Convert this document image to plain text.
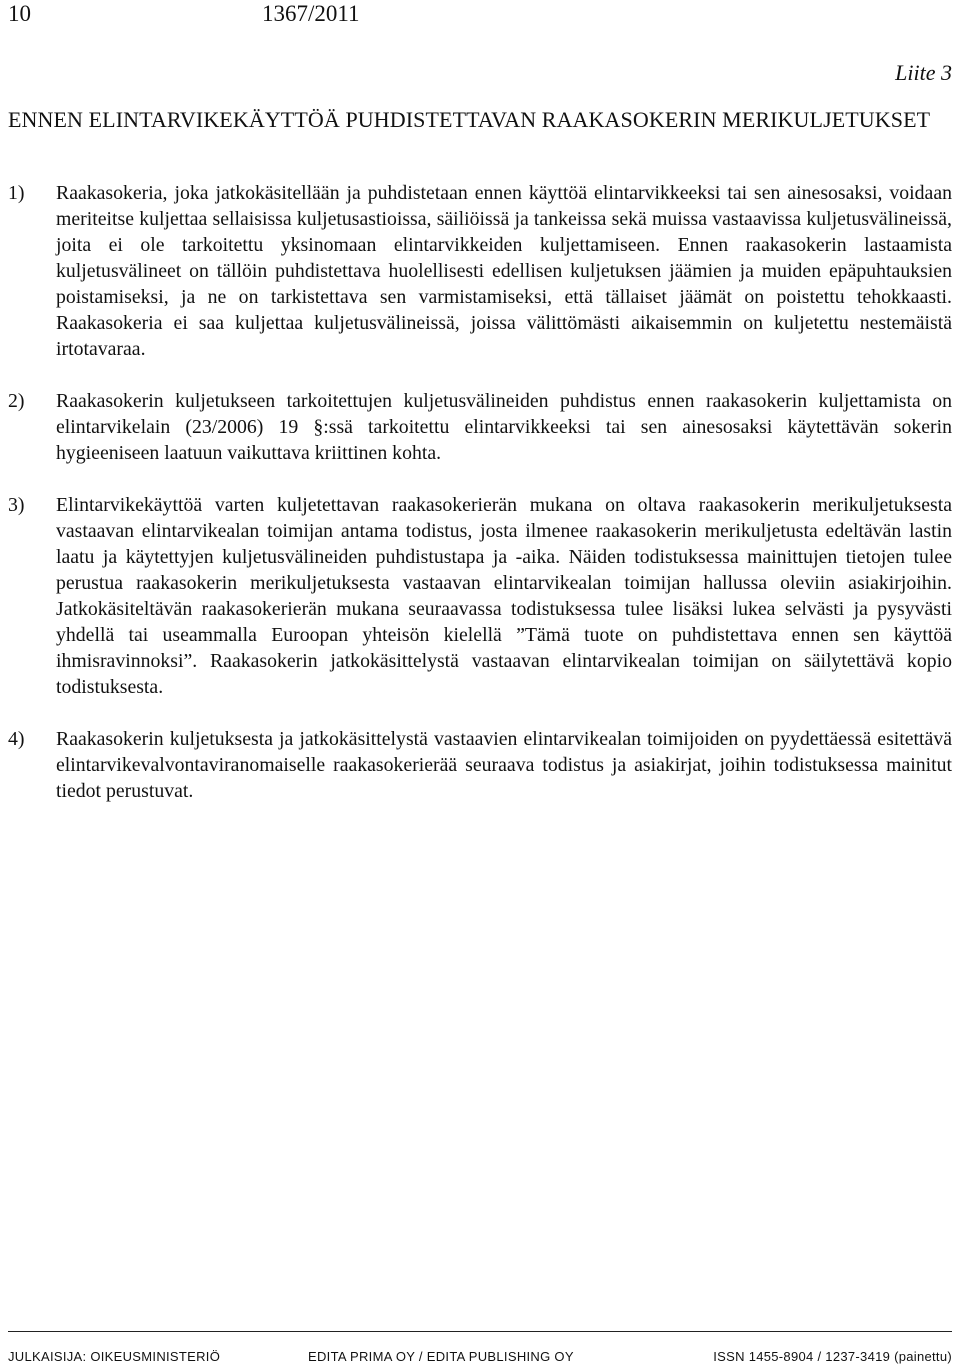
10	1367/2011
Liite 3
ENNEN ELINTARVIKEKÄYTTÖÄ PUHDISTETTAVAN RAAKASOKERIN MERIKULJETUKSET
1)	Raakasokeria, joka jatkokäsitellään ja puhdistetaan ennen käyttöä elintarvikkeeksi tai sen ainesosaksi, voidaan meriteitse kuljettaa sellaisissa kuljetusastioissa, säiliöissä ja tankeissa sekä muissa vastaavissa kuljetusvälineissä, joita ei ole tarkoitettu yksinomaan elintarvikkeiden kuljettamiseen. Ennen raakasokerin lastaamista kuljetusvälineet on tällöin puhdistettava huolellisesti edellisen kuljetuksen jäämien ja muiden epäpuhtauksien poistamiseksi, ja ne on tarkistettava sen varmistamiseksi, että tällaiset jäämät on poistettu tehokkaasti. Raakasokeria ei saa kuljettaa kuljetusvälineissä, joissa välittömästi aikaisemmin on kuljetettu nestemäistä irtotavaraa.
2)	Raakasokerin kuljetukseen tarkoitettujen kuljetusvälineiden puhdistus ennen raakasokerin kuljettamista on elintarvikelain (23/2006) 19 §:ssä tarkoitettu elintarvikkeeksi tai sen ainesosaksi käytettävän sokerin hygieeniseen laatuun vaikuttava kriittinen kohta.
3)	Elintarvikekäyttöä varten kuljetettavan raakasokerierän mukana on oltava raakasokerin merikuljetuksesta vastaavan elintarvikealan toimijan antama todistus, josta ilmenee raakasokerin merikuljetusta edeltävän lastin laatu ja käytettyjen kuljetusvälineiden puhdistustapa ja -aika. Näiden todistuksessa mainittujen tietojen tulee perustua raakasokerin merikuljetuksesta vastaavan elintarvikealan toimijan hallussa oleviin asiakirjoihin. Jatkokäsiteltävän raakasokerierän mukana seuraavassa todistuksessa tulee lisäksi lukea selvästi ja pysyvästi yhdellä tai useammalla Euroopan yhteisön kielellä ”Tämä tuote on puhdistettava ennen sen käyttöä ihmisravinnoksi”. Raakasokerin jatkokäsittelystä vastaavan elintarvikealan toimijan on säilytettävä kopio todistuksesta.
4)	Raakasokerin kuljetuksesta ja jatkokäsittelystä vastaavien elintarvikealan toimijoiden on pyydettäessä esitettävä elintarvikevalvontaviranomaiselle raakasokerierää seuraava todistus ja asiakirjat, joihin todistuksessa mainitut tiedot perustuvat.
JULKAISIJA: OIKEUSMINISTERIÖ	EDITA PRIMA OY / EDITA PUBLISHING OY	ISSN 1455-8904 / 1237-3419 (painettu)
